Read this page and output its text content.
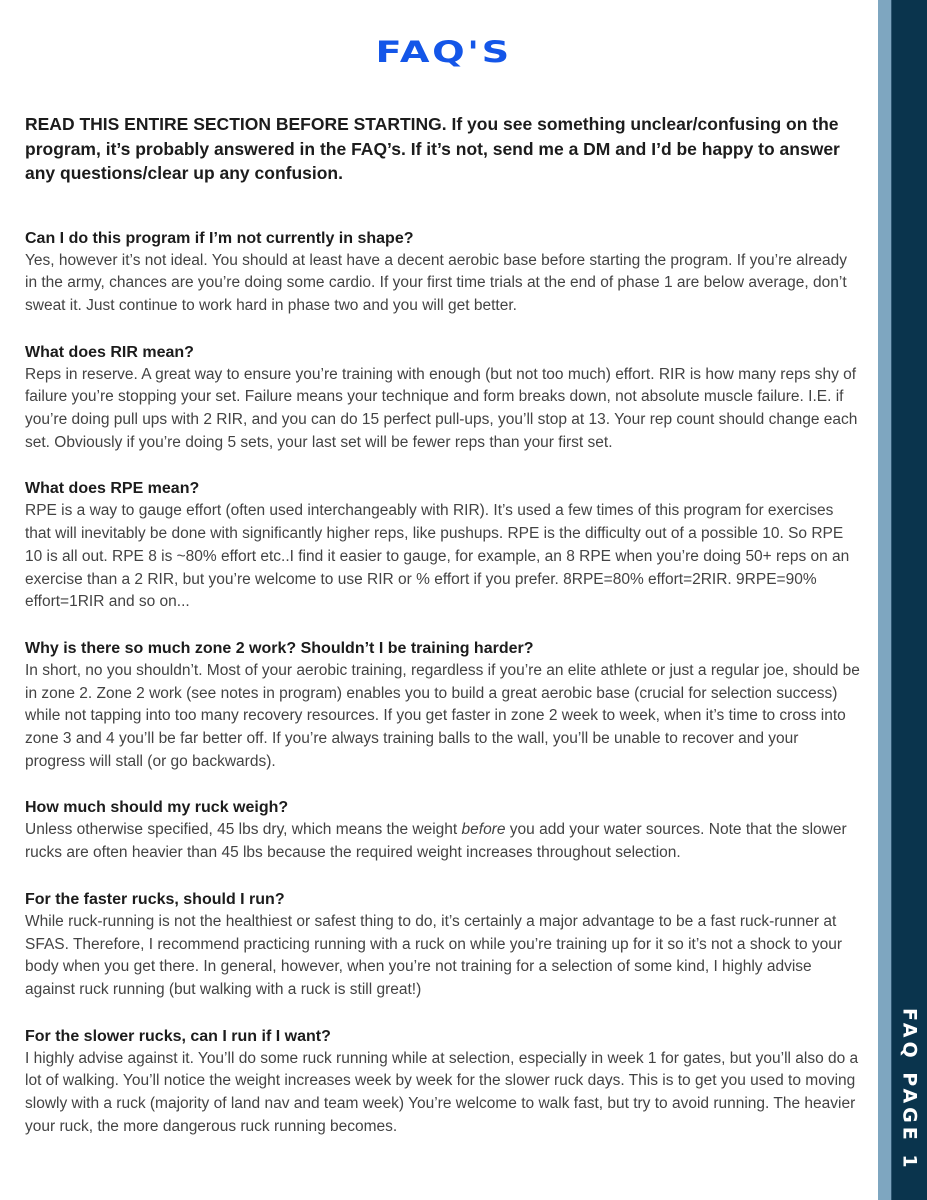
FAQ'S

READ THIS ENTIRE SECTION BEFORE STARTING. If you see something unclear/confusing on the program, it’s probably answered in the FAQ’s. If it’s not, send me a DM and I’d be happy to answer any questions/clear up any confusion.

Can I do this program if I’m not currently in shape?

Yes, however it’s not ideal. You should at least have a decent aerobic base before starting the program. If you’re already in the army, chances are you’re doing some cardio. If your first time trials at the end of phase 1 are below average, don’t sweat it. Just continue to work hard in phase two and you will get better.

What does RIR mean?

Reps in reserve. A great way to ensure you’re training with enough (but not too much) effort. RIR is how many reps shy of failure you’re stopping your set. Failure means your technique and form breaks down, not absolute muscle failure. I.E. if you’re doing pull ups with 2 RIR, and you can do 15 perfect pull-ups, you’ll stop at 13. Your rep count should change each set. Obviously if you’re doing 5 sets, your last set will be fewer reps than your first set.

What does RPE mean?

RPE is a way to gauge effort (often used interchangeably with RIR). It’s used a few times of this program for exercises that will inevitably be done with significantly higher reps, like pushups. RPE is the difficulty out of a possible 10. So RPE 10 is all out. RPE 8 is ~80% effort etc..I find it easier to gauge, for example, an 8 RPE when you’re doing 50+ reps on an exercise than a 2 RIR, but you’re welcome to use RIR or % effort if you prefer. 8RPE=80% effort=2RIR. 9RPE=90% effort=1RIR and so on...

Why is there so much zone 2 work? Shouldn’t I be training harder?

In short, no you shouldn’t. Most of your aerobic training, regardless if you’re an elite athlete or just a regular joe, should be in zone 2. Zone 2 work (see notes in program) enables you to build a great aerobic base (crucial for selection success) while not tapping into too many recovery resources. If you get faster in zone 2 week to week, when it’s time to cross into zone 3 and 4 you’ll be far better off. If you’re always training balls to the wall, you’ll be unable to recover and your progress will stall (or go backwards).

How much should my ruck weigh?

Unless otherwise specified, 45 lbs dry, which means the weight before you add your water sources. Note that the slower rucks are often heavier than 45 lbs because the required weight increases throughout selection.

For the faster rucks, should I run?

While ruck-running is not the healthiest or safest thing to do, it’s certainly a major advantage to be a fast ruck-runner at SFAS. Therefore, I recommend practicing running with a ruck on while you’re training up for it so it’s not a shock to your body when you get there. In general, however, when you’re not training for a selection of some kind, I highly advise against ruck running (but walking with a ruck is still great!)

For the slower rucks, can I run if I want?

I highly advise against it. You’ll do some ruck running while at selection, especially in week 1 for gates, but you’ll also do a lot of walking. You’ll notice the weight increases week by week for the slower ruck days. This is to get you used to moving slowly with a ruck (majority of land nav and team week) You’re welcome to walk fast, but try to avoid running. The heavier your ruck, the more dangerous ruck running becomes.	FAQ PAGE 1
